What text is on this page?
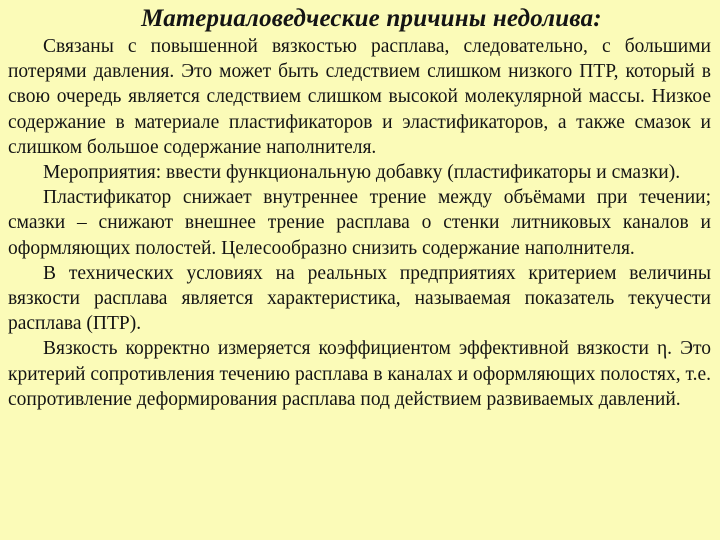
Материаловедческие причины недолива:

Связаны с повышенной вязкостью расплава, следовательно, с большими потерями давления. Это может быть следствием слишком низкого ПТР, который в свою очередь является следствием слишком высокой молекулярной массы. Низкое содержание в материале пластификаторов и эластификаторов, а также смазок и слишком большое содержание наполнителя.

Мероприятия: ввести функциональную добавку (пластификаторы и смазки).

Пластификатор снижает внутреннее трение между объёмами при течении; смазки – снижают внешнее трение расплава о стенки литниковых каналов и оформляющих полостей. Целесообразно снизить содержание наполнителя.

В технических условиях на реальных предприятиях критерием величины вязкости расплава является характеристика, называемая показатель текучести расплава (ПТР).

Вязкость корректно измеряется коэффициентом эффективной вязкости η. Это критерий сопротивления течению расплава в каналах и оформляющих полостях, т.е. сопротивление деформирования расплава под действием развиваемых давлений.
